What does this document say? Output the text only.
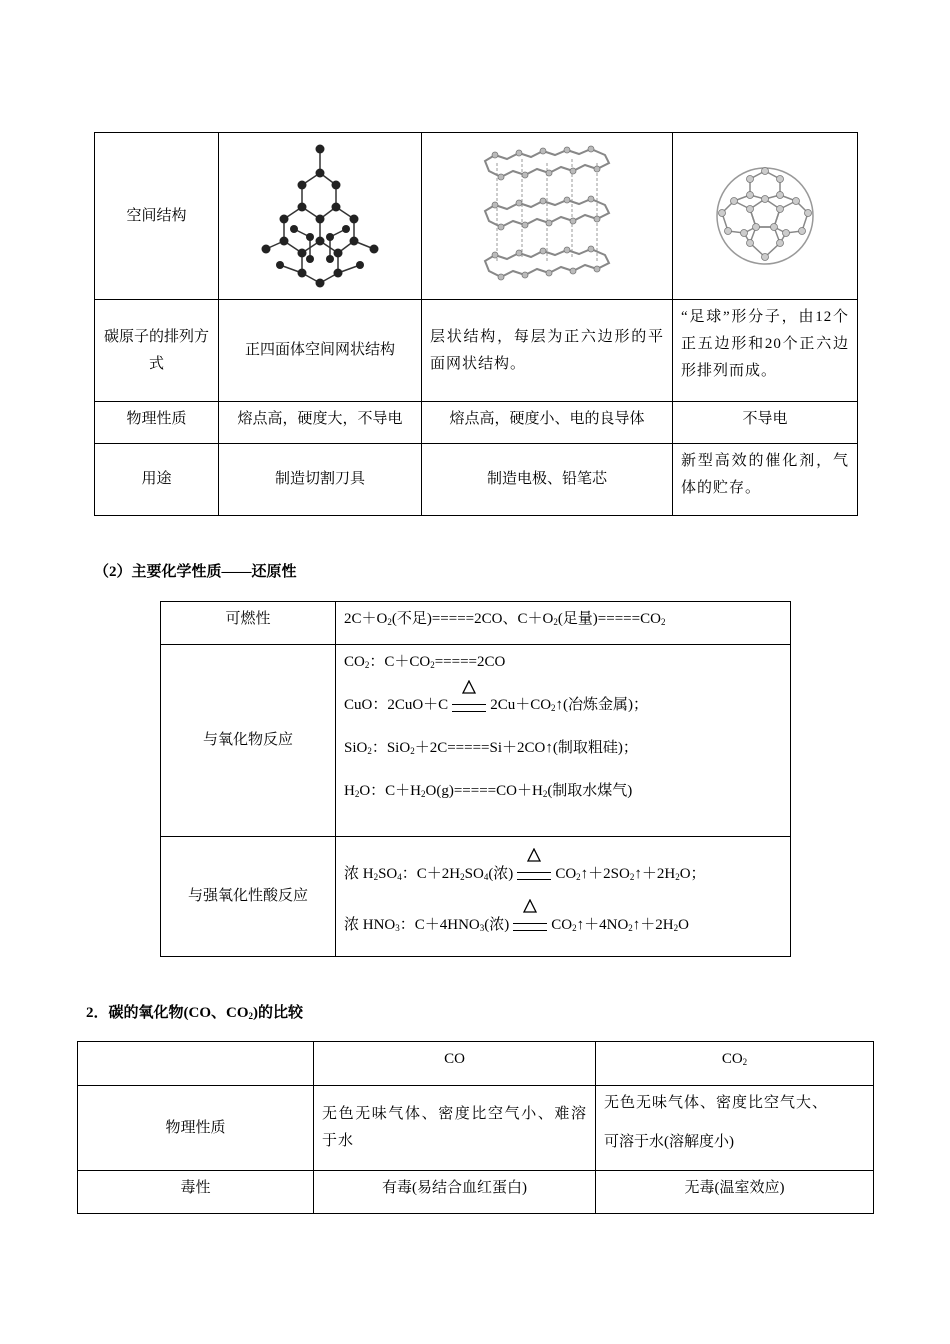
空间结构	

碳原子的排列方式	正四面体空间网状结构	层状结构，每层为正六边形的平面网状结构。	“足球”形分子，由12个正五边形和20个正六边形排列而成。
物理性质	熔点高，硬度大，不导电	熔点高，硬度小、电的良导体	不导电
用途	制造切割刀具	制造电极、铅笔芯	新型高效的催化剂，气体的贮存。
（2）主要化学性质——还原性
可燃性	$2C+O_2$(不足)=====2CO、$C+O_2$(足量)$=====CO_2$
与氧化物反应	$CO_2$：$C+CO_2=====2CO$
CuO：2CuO＋C $2Cu+CO_2↑$(冶炼金属)；
SiO$_2$：SiO$_2$＋2C=====Si＋2CO↑(制取粗硅)；
$H_2O$：$C+H_2O(g)=====CO+H_2$(制取水煤气)

与强氧化性酸反应	浓 $H_2SO_4$：$C+2H_2SO_4$(浓) $CO_2↑+2SO_2↑+2H_2O$；
浓 $HNO_3$：$C+4HNO_3$(浓) $CO_2↑+4NO_2↑+2H_2O$
2．碳的氧化物(CO、$CO_2$)的比较
	CO	$CO_2$
物理性质	无色无味气体、密度比空气小、难溶于水	无色无味气体、密度比空气大、
可溶于水(溶解度小)

毒性	有毒(易结合血红蛋白)	无毒(温室效应)
